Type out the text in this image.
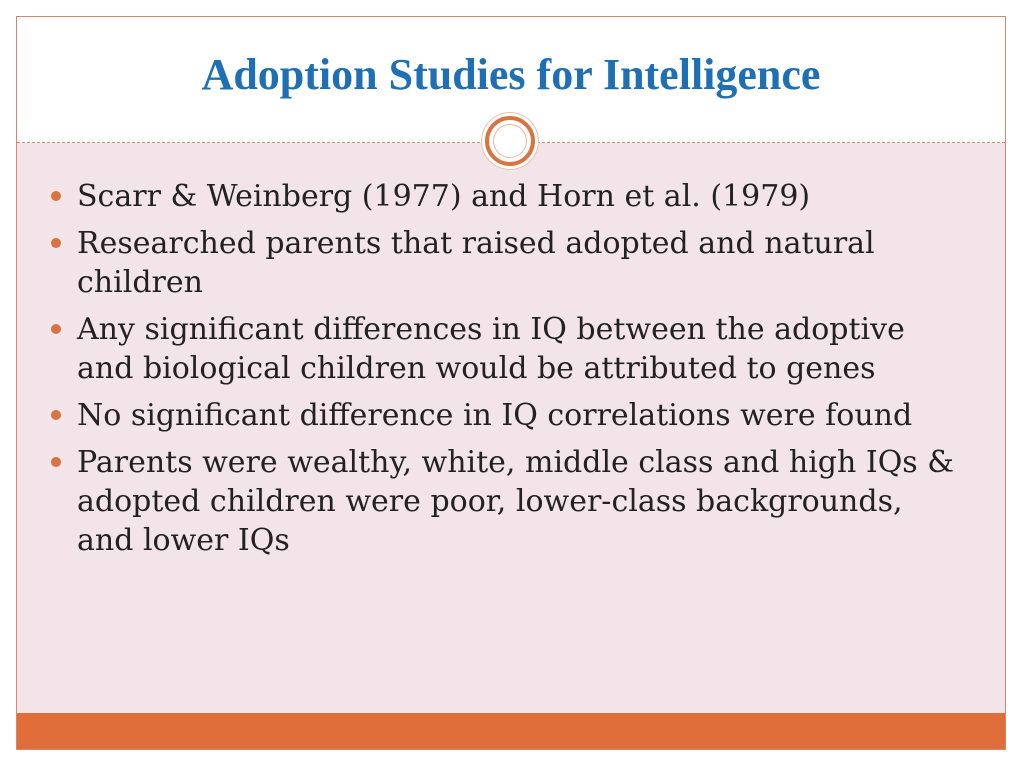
Adoption Studies for Intelligence
Scarr & Weinberg (1977) and Horn et al. (1979)
Researched parents that raised adopted and natural children
Any significant differences in IQ between the adoptive and biological children would be attributed to genes
No significant difference in IQ correlations were found
Parents were wealthy, white, middle class and high IQs & adopted children were poor, lower-class backgrounds, and lower IQs
